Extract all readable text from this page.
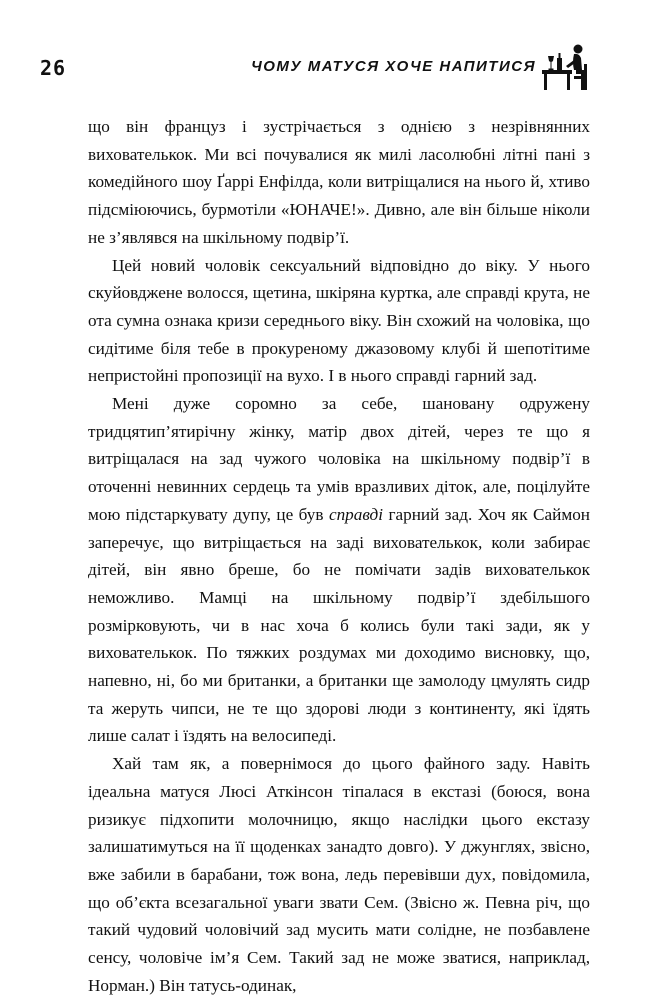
26	ЧОМУ МАТУСЯ ХОЧЕ НАПИТИСЯ

що він француз і зустрічається з однією з незрівнянних вихователькок. Ми всі почувалися як милі ласолюбні літні пані з комедійного шоу Ґаррі Енфілда, коли витріщалися на нього й, хтиво підсміюючись, бурмотіли «ЮНАЧЕ!». Дивно, але він більше ніколи не з’являвся на шкільному подвір’ї.

Цей новий чоловік сексуальний відповідно до віку. У нього скуйовджене волосся, щетина, шкіряна куртка, але справді крута, не ота сумна ознака кризи середнього віку. Він схожий на чоловіка, що сидітиме біля тебе в прокуреному джазовому клубі й шепотітиме непристойні пропозиції на вухо. І в нього справді гарний зад.

Мені дуже соромно за себе, шановану одружену тридцятип’ятирічну жінку, матір двох дітей, через те що я витріщалася на зад чужого чоловіка на шкільному подвір’ї в оточенні невинних сердець та умів вразливих діток, але, поцілуйте мою підстаркувату дупу, це був справді гарний зад. Хоч як Саймон заперечує, що витріщається на заді вихователькок, коли забирає дітей, він явно бреше, бо не помічати задів вихователькок неможливо. Мамці на шкільному подвір’ї здебільшого розмірковують, чи в нас хоча б колись були такі зади, як у вихователькок. По тяжких роздумах ми доходимо висновку, що, напевно, ні, бо ми британки, а британки ще замолоду цмулять сидр та жеруть чипси, не те що здорові люди з континенту, які їдять лише салат і їздять на велосипеді.

Хай там як, а повернімося до цього файного заду. Навіть ідеальна матуся Люсі Аткінсон тіпалася в екстазі (боюся, вона ризикує підхопити молочницю, якщо наслідки цього екстазу залишатимуться на її щоденках занадто довго). У джунглях, звісно, вже забили в барабани, тож вона, ледь перевівши дух, повідомила, що об’єкта всезагальної уваги звати Сем. (Звісно ж. Певна річ, що такий чудовий чоловічий зад мусить мати солідне, не позбавлене сенсу, чоловіче ім’я Сем. Такий зад не може зватися, наприклад, Норман.) Він татусь-одинак,
